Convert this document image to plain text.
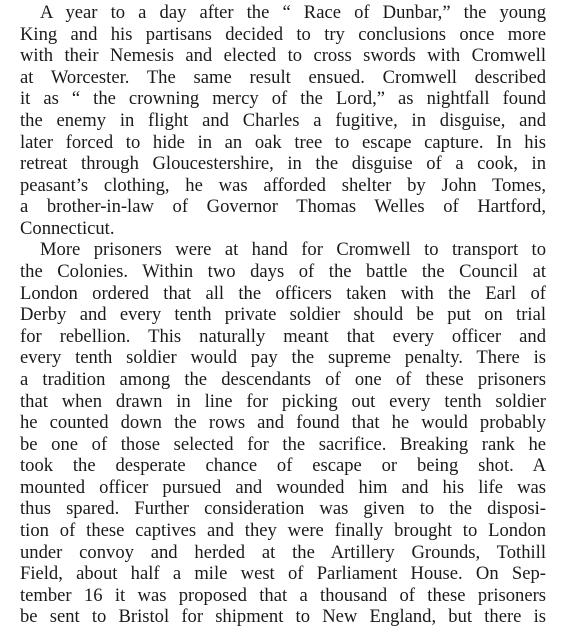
A year to a day after the “ Race of Dunbar,” the young
King and his partisans decided to try conclusions once more
with their Nemesis and elected to cross swords with Cromwell
at Worcester. The same result ensued. Cromwell described
it as “ the crowning mercy of the Lord,” as nightfall found
the enemy in flight and Charles a fugitive, in disguise, and
later forced to hide in an oak tree to escape capture. In his
retreat through Gloucestershire, in the disguise of a cook, in
peasant’s clothing, he was afforded shelter by John Tomes,
a brother-in-law of Governor Thomas Welles of Hartford,
Connecticut.
More prisoners were at hand for Cromwell to transport to
the Colonies. Within two days of the battle the Council at
London ordered that all the officers taken with the Earl of
Derby and every tenth private soldier should be put on trial
for rebellion. This naturally meant that every officer and
every tenth soldier would pay the supreme penalty. There is
a tradition among the descendants of one of these prisoners
that when drawn in line for picking out every tenth soldier
he counted down the rows and found that he would probably
be one of those selected for the sacrifice. Breaking rank he
took the desperate chance of escape or being shot. A
mounted officer pursued and wounded him and his life was
thus spared. Further consideration was given to the disposi-
tion of these captives and they were finally brought to London
under convoy and herded at the Artillery Grounds, Tothill
Field, about half a mile west of Parliament House. On Sep-
tember 16 it was proposed that a thousand of these prisoners
be sent to Bristol for shipment to New England, but there is
